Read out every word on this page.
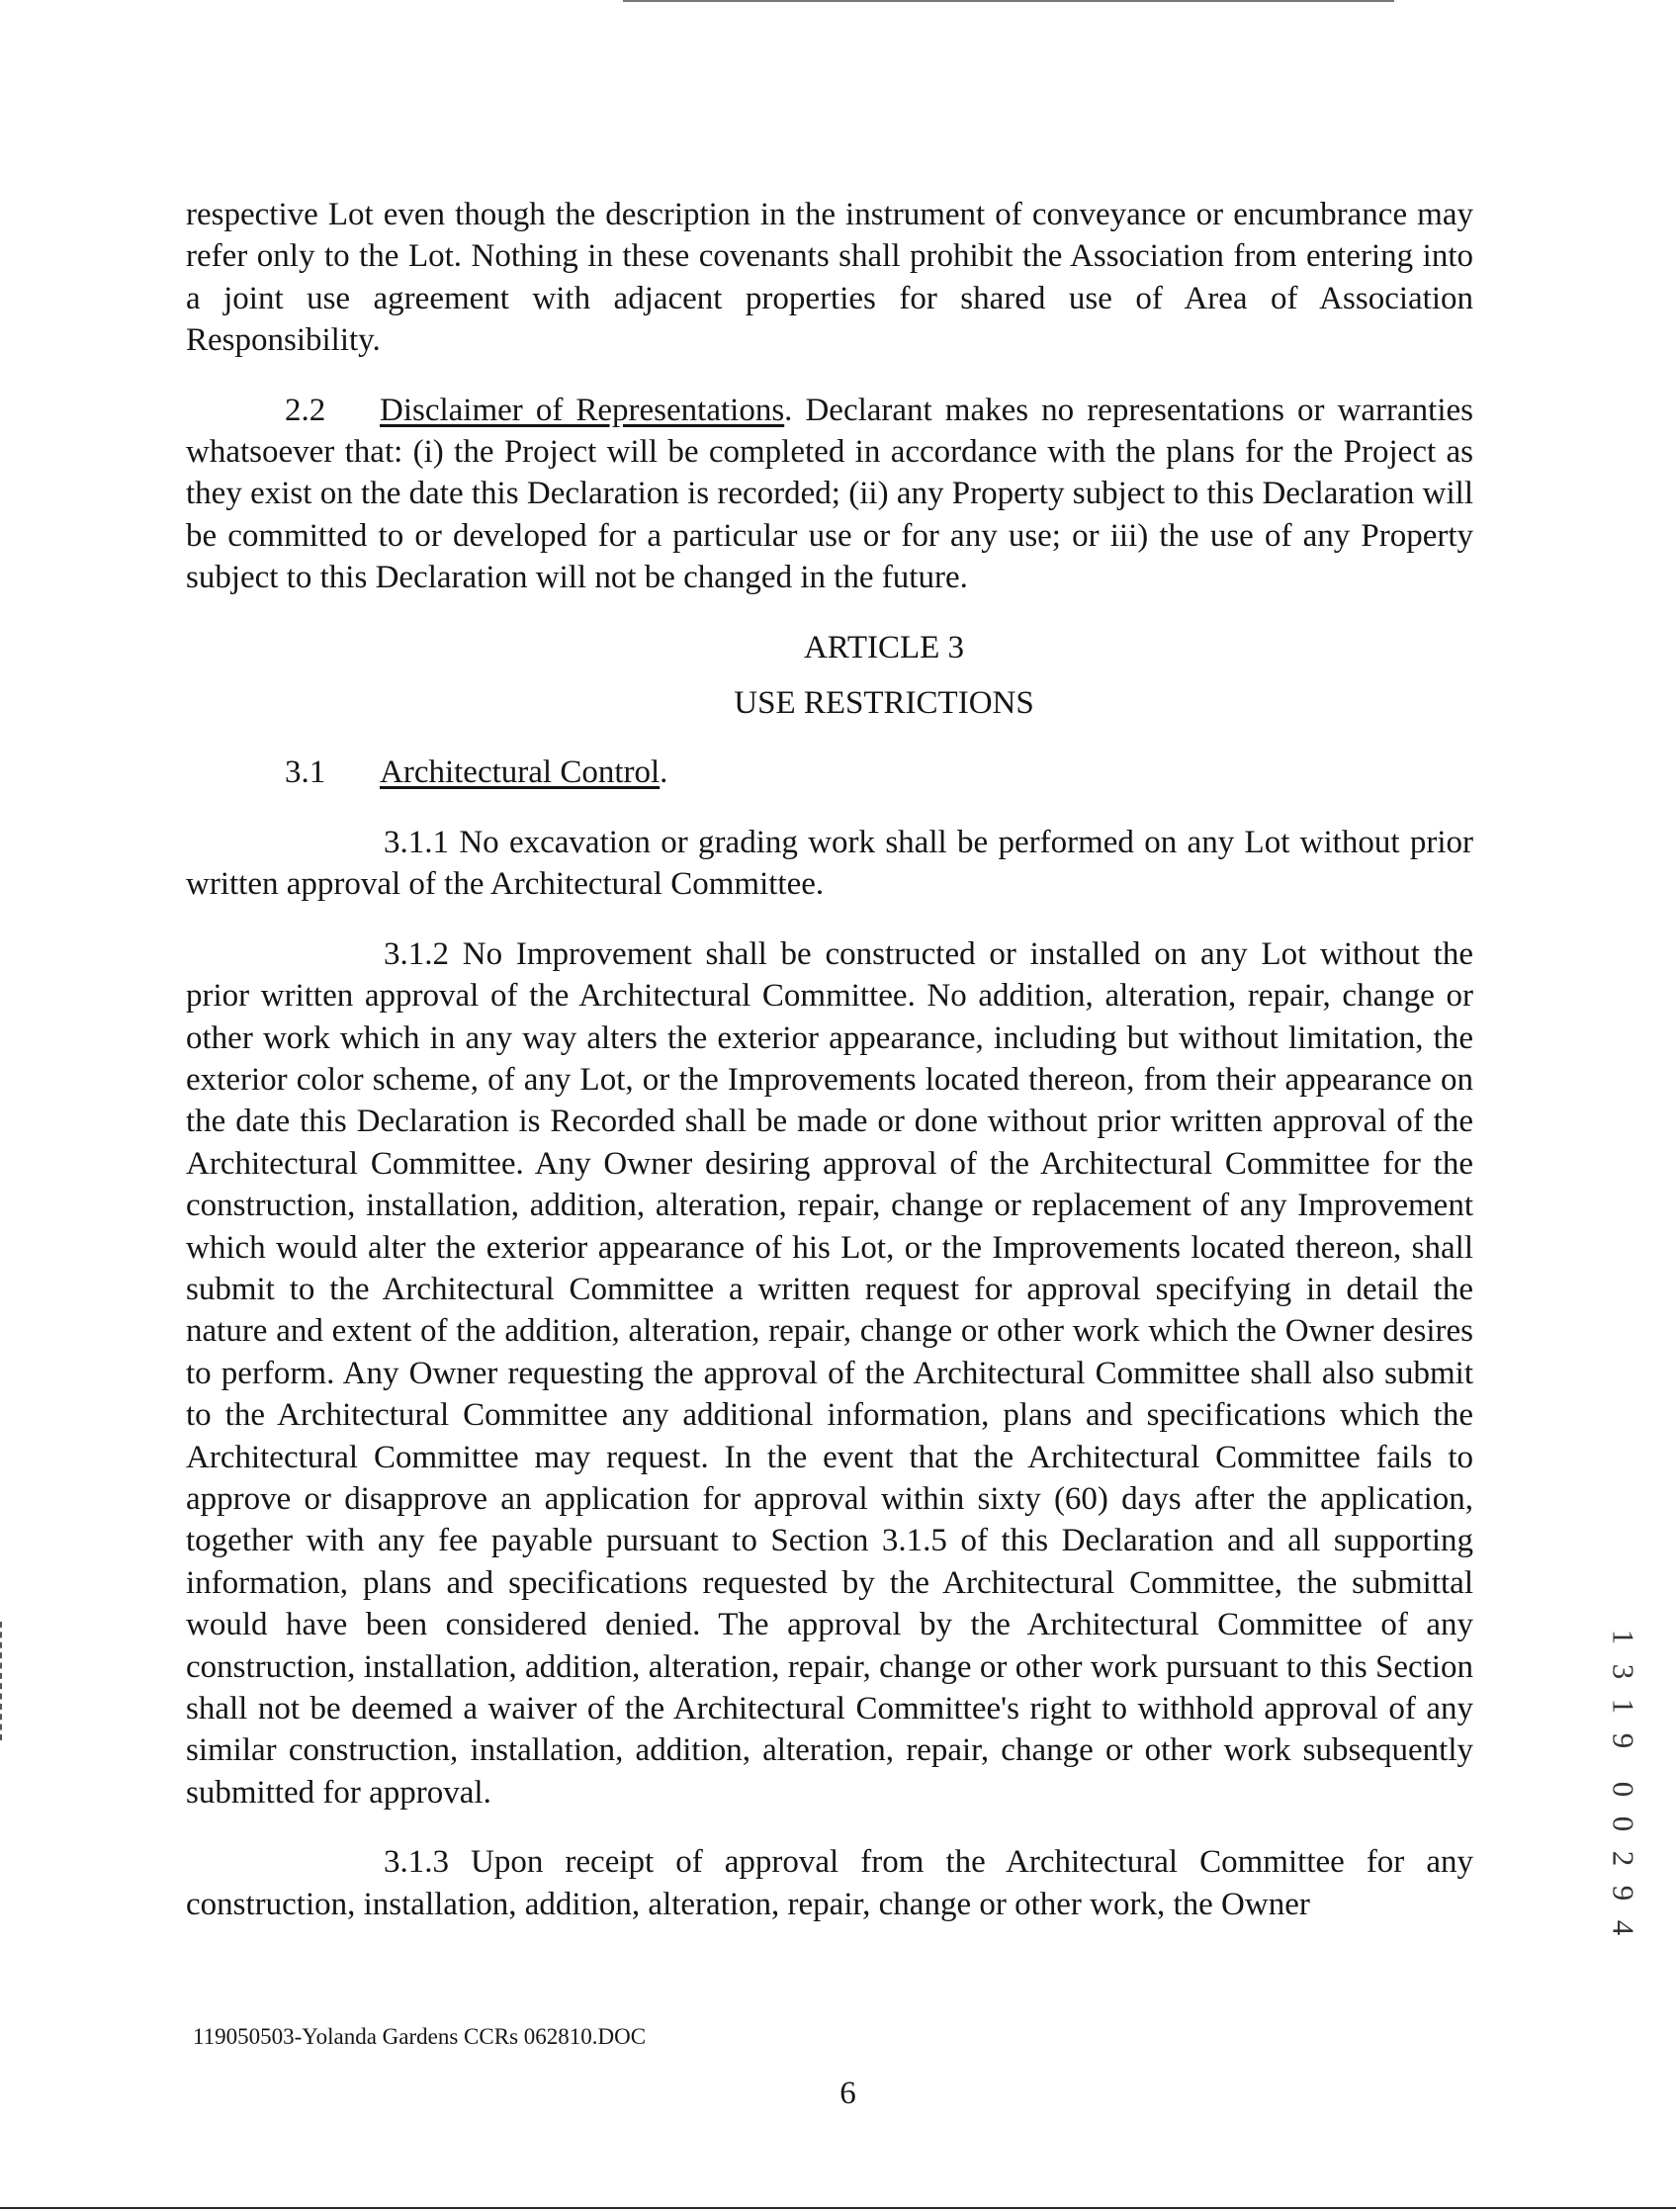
respective Lot even though the description in the instrument of conveyance or encumbrance may refer only to the Lot. Nothing in these covenants shall prohibit the Association from entering into a joint use agreement with adjacent properties for shared use of Area of Association Responsibility.

2.2 Disclaimer of Representations. Declarant makes no representations or warranties whatsoever that: (i) the Project will be completed in accordance with the plans for the Project as they exist on the date this Declaration is recorded; (ii) any Property subject to this Declaration will be committed to or developed for a particular use or for any use; or iii) the use of any Property subject to this Declaration will not be changed in the future.

ARTICLE 3

USE RESTRICTIONS

3.1 Architectural Control.

3.1.1 No excavation or grading work shall be performed on any Lot without prior written approval of the Architectural Committee.

3.1.2 No Improvement shall be constructed or installed on any Lot without the prior written approval of the Architectural Committee. No addition, alteration, repair, change or other work which in any way alters the exterior appearance, including but without limitation, the exterior color scheme, of any Lot, or the Improvements located thereon, from their appearance on the date this Declaration is Recorded shall be made or done without prior written approval of the Architectural Committee. Any Owner desiring approval of the Architectural Committee for the construction, installation, addition, alteration, repair, change or replacement of any Improvement which would alter the exterior appearance of his Lot, or the Improvements located thereon, shall submit to the Architectural Committee a written request for approval specifying in detail the nature and extent of the addition, alteration, repair, change or other work which the Owner desires to perform. Any Owner requesting the approval of the Architectural Committee shall also submit to the Architectural Committee any additional information, plans and specifications which the Architectural Committee may request. In the event that the Architectural Committee fails to approve or disapprove an application for approval within sixty (60) days after the application, together with any fee payable pursuant to Section 3.1.5 of this Declaration and all supporting information, plans and specifications requested by the Architectural Committee, the submittal would have been considered denied. The approval by the Architectural Committee of any construction, installation, addition, alteration, repair, change or other work pursuant to this Section shall not be deemed a waiver of the Architectural Committee's right to withhold approval of any similar construction, installation, addition, alteration, repair, change or other work subsequently submitted for approval.

3.1.3 Upon receipt of approval from the Architectural Committee for any construction, installation, addition, alteration, repair, change or other work, the Owner

119050503-Yolanda Gardens CCRs 062810.DOC
6
1
3
1
9
0
0
2
9
4
